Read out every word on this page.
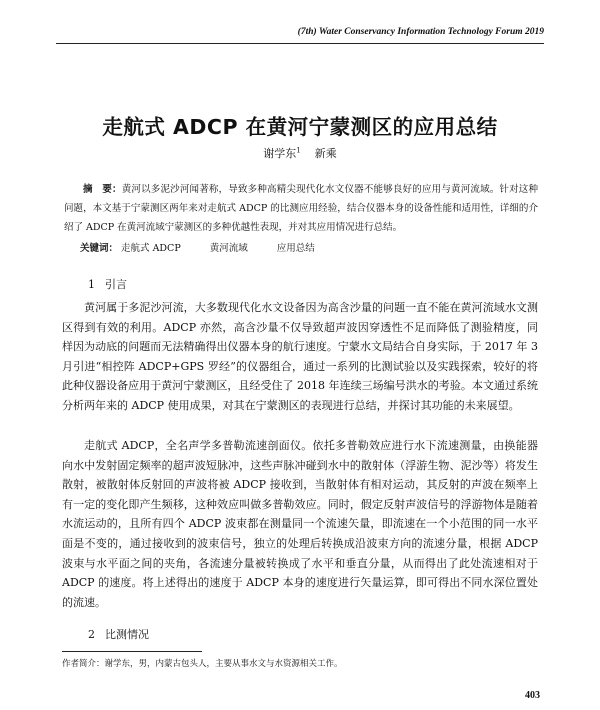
(7th) Water Conservancy Information Technology Forum 2019
走航式 ADCP 在黄河宁蒙测区的应用总结
谢学东$^1$ 新乘
摘　要：黄河以多泥沙河闻著称，导致多种高精尖现代化水文仪器不能够良好的应用与黄河流域。针对这种问题，本文基于宁蒙测区两年来对走航式 ADCP 的比测应用经验，结合仪器本身的设备性能和适用性，详细的介绍了 ADCP 在黄河流域宁蒙测区的多种优越性表现，并对其应用情况进行总结。
关键词： 走航式 ADCP	黄河流域	应用总结
1 引言

黄河属于多泥沙河流，大多数现代化水文设备因为高含沙量的问题一直不能在黄河流域水文测区得到有效的利用。ADCP 亦然，高含沙量不仅导致超声波因穿透性不足而降低了测验精度，同样因为动底的问题而无法精确得出仪器本身的航行速度。宁蒙水文局结合自身实际，于 2017 年 3 月引进“相控阵 ADCP+GPS 罗经”的仪器组合，通过一系列的比测试验以及实践探索，较好的将此种仪器设备应用于黄河宁蒙测区，且经受住了 2018 年连续三场编号洪水的考验。本文通过系统分析两年来的 ADCP 使用成果，对其在宁蒙测区的表现进行总结，并探讨其功能的未来展望。

走航式 ADCP，全名声学多普勒流速剖面仪。依托多普勒效应进行水下流速测量，由换能器向水中发射固定频率的超声波短脉冲，这些声脉冲碰到水中的散射体（浮游生物、泥沙等）将发生散射，被散射体反射回的声波将被 ADCP 接收到，当散射体有相对运动，其反射的声波在频率上有一定的变化即产生频移，这种效应叫做多普勒效应。同时，假定反射声波信号的浮游物体是随着水流运动的，且所有四个 ADCP 波束都在测量同一个流速矢量，即流速在一个小范围的同一水平面是不变的，通过接收到的波束信号，独立的处理后转换成沿波束方向的流速分量，根据 ADCP 波束与水平面之间的夹角，各流速分量被转换成了水平和垂直分量，从而得出了此处流速相对于 ADCP 的速度。将上述得出的速度于 ADCP 本身的速度进行矢量运算，即可得出不同水深位置处的流速。

2 比测情况
作者简介：谢学东，男，内蒙古包头人，主要从事水文与水资源相关工作。
403
